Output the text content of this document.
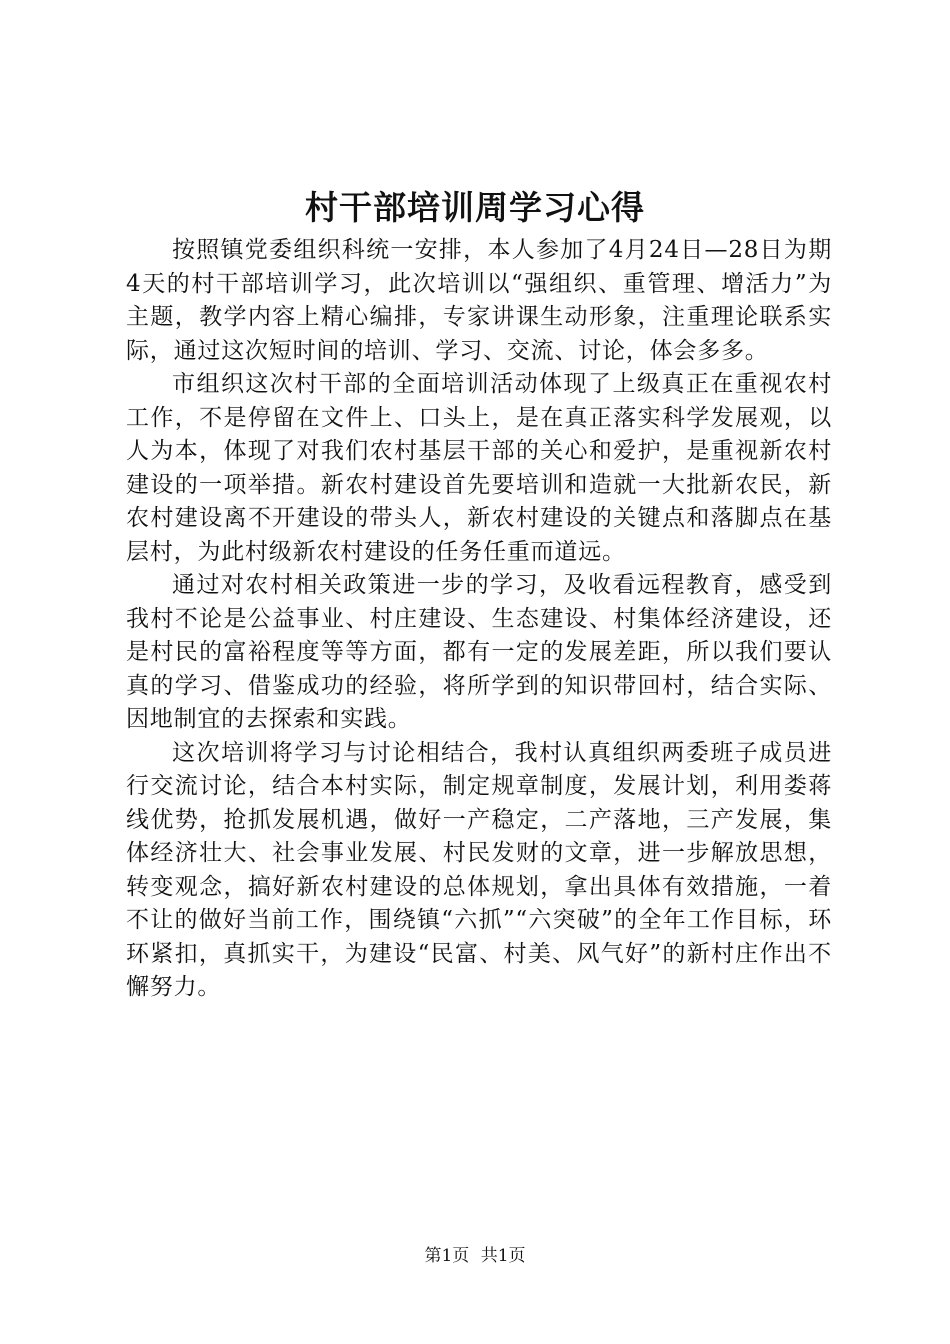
村干部培训周学习心得

按照镇党委组织科统一安排，本人参加了4月24日—28日为期4天的村干部培训学习，此次培训以“强组织、重管理、增活力”为主题，教学内容上精心编排，专家讲课生动形象，注重理论联系实际，通过这次短时间的培训、学习、交流、讨论，体会多多。

市组织这次村干部的全面培训活动体现了上级真正在重视农村工作，不是停留在文件上、口头上，是在真正落实科学发展观，以人为本，体现了对我们农村基层干部的关心和爱护，是重视新农村建设的一项举措。新农村建设首先要培训和造就一大批新农民，新农村建设离不开建设的带头人，新农村建设的关键点和落脚点在基层村，为此村级新农村建设的任务任重而道远。

通过对农村相关政策进一步的学习，及收看远程教育，感受到我村不论是公益事业、村庄建设、生态建设、村集体经济建设，还是村民的富裕程度等等方面，都有一定的发展差距，所以我们要认真的学习、借鉴成功的经验，将所学到的知识带回村，结合实际、因地制宜的去探索和实践。

这次培训将学习与讨论相结合，我村认真组织两委班子成员进行交流讨论，结合本村实际，制定规章制度，发展计划，利用娄蒋线优势，抢抓发展机遇，做好一产稳定，二产落地，三产发展，集体经济壮大、社会事业发展、村民发财的文章，进一步解放思想，转变观念，搞好新农村建设的总体规划，拿出具体有效措施，一着不让的做好当前工作，围绕镇“六抓”“六突破”的全年工作目标，环环紧扣，真抓实干，为建设“民富、村美、风气好”的新村庄作出不懈努力。

第1页 共1页
